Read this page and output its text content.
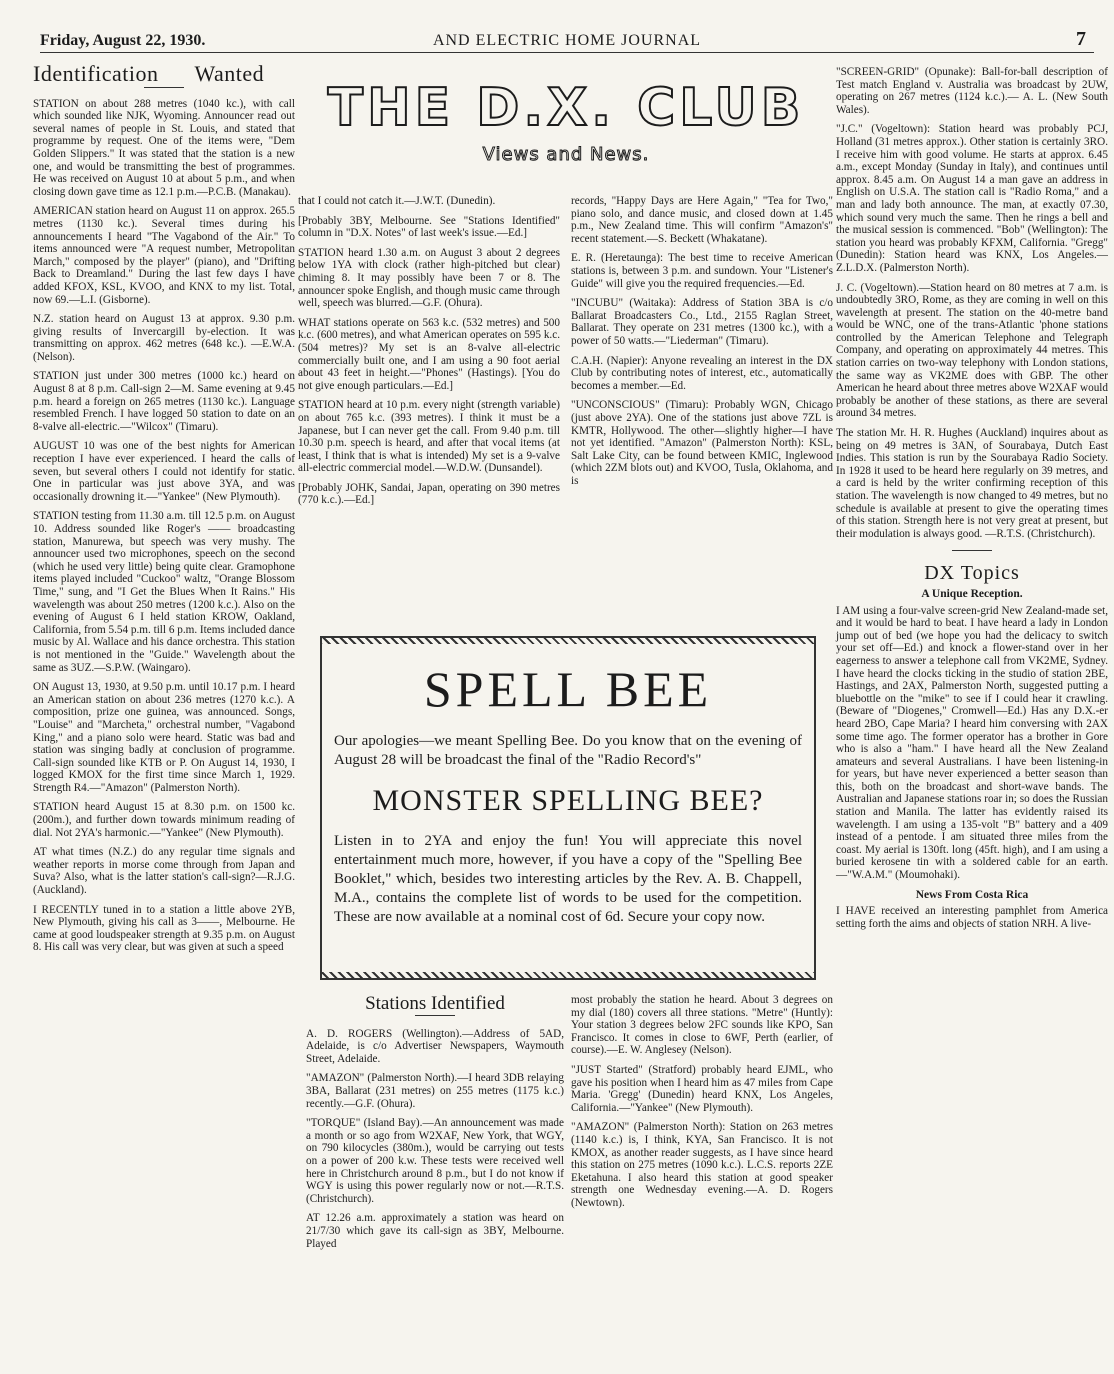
Friday, August 22, 1930.	AND ELECTRIC HOME JOURNAL	7
Identification Wanted

STATION on about 288 metres (1040 kc.), with call which sounded like NJK, Wyoming. Announcer read out several names of people in St. Louis, and stated that programme by request. One of the items were, "Dem Golden Slippers." It was stated that the station is a new one, and would be transmitting the best of programmes. He was received on August 10 at about 5 p.m., and when closing down gave time as 12.1 p.m.—P.C.B. (Manakau).

AMERICAN station heard on August 11 on approx. 265.5 metres (1130 kc.). Several times during his announcements I heard "The Vagabond of the Air." To items announced were "A request number, Metropolitan March," composed by the player" (piano), and "Drifting Back to Dreamland." During the last few days I have added KFOX, KSL, KVOO, and KNX to my list. Total, now 69.—L.I. (Gisborne).

N.Z. station heard on August 13 at approx. 9.30 p.m. giving results of Invercargill by-election. It was transmitting on approx. 462 metres (648 kc.). —E.W.A. (Nelson).

STATION just under 300 metres (1000 kc.) heard on August 8 at 8 p.m. Call-sign 2—M. Same evening at 9.45 p.m. heard a foreign on 265 metres (1130 kc.). Language resembled French. I have logged 50 station to date on an 8-valve all-electric.—"Wilcox" (Timaru).

AUGUST 10 was one of the best nights for American reception I have ever experienced. I heard the calls of seven, but several others I could not identify for static. One in particular was just above 3YA, and was occasionally drowning it.—"Yankee" (New Plymouth).

STATION testing from 11.30 a.m. till 12.5 p.m. on August 10. Address sounded like Roger's —— broadcasting station, Manurewa, but speech was very mushy. The announcer used two microphones, speech on the second (which he used very little) being quite clear. Gramophone items played included "Cuckoo" waltz, "Orange Blossom Time," sung, and "I Get the Blues When It Rains." His wavelength was about 250 metres (1200 k.c.). Also on the evening of August 6 I held station KROW, Oakland, California, from 5.54 p.m. till 6 p.m. Items included dance music by Al. Wallace and his dance orchestra. This station is not mentioned in the "Guide." Wavelength about the same as 3UZ.—S.P.W. (Waingaro).

ON August 13, 1930, at 9.50 p.m. until 10.17 p.m. I heard an American station on about 236 metres (1270 k.c.). A composition, prize one guinea, was announced. Songs, "Louise" and "Marcheta," orchestral number, "Vagabond King," and a piano solo were heard. Static was bad and station was singing badly at conclusion of programme. Call-sign sounded like KTB or P. On August 14, 1930, I logged KMOX for the first time since March 1, 1929. Strength R4.—"Amazon" (Palmerston North).

STATION heard August 15 at 8.30 p.m. on 1500 kc. (200m.), and further down towards minimum reading of dial. Not 2YA's harmonic.—"Yankee" (New Plymouth).

AT what times (N.Z.) do any regular time signals and weather reports in morse come through from Japan and Suva? Also, what is the latter station's call-sign?—R.J.G. (Auckland).

I RECENTLY tuned in to a station a little above 2YB, New Plymouth, giving his call as 3——, Melbourne. He came at good loudspeaker strength at 9.35 p.m. on August 8. His call was very clear, but was given at such a speed

THE D.X. CLUB
Views and News.

that I could not catch it.—J.W.T. (Dunedin).

[Probably 3BY, Melbourne. See "Stations Identified" column in "D.X. Notes" of last week's issue.—Ed.]

STATION heard 1.30 a.m. on August 3 about 2 degrees below 1YA with clock (rather high-pitched but clear) chiming 8. It may possibly have been 7 or 8. The announcer spoke English, and though music came through well, speech was blurred.—G.F. (Ohura).

WHAT stations operate on 563 k.c. (532 metres) and 500 k.c. (600 metres), and what American operates on 595 k.c. (504 metres)? My set is an 8-valve all-electric commercially built one, and I am using a 90 foot aerial about 43 feet in height.—"Phones" (Hastings). [You do not give enough particulars.—Ed.]

STATION heard at 10 p.m. every night (strength variable) on about 765 k.c. (393 metres). I think it must be a Japanese, but I can never get the call. From 9.40 p.m. till 10.30 p.m. speech is heard, and after that vocal items (at least, I think that is what is intended) My set is a 9-valve all-electric commercial model.—W.D.W. (Dunsandel).

[Probably JOHK, Sandai, Japan, operating on 390 metres (770 k.c.).—Ed.]

records, "Happy Days are Here Again," "Tea for Two," piano solo, and dance music, and closed down at 1.45 p.m., New Zealand time. This will confirm "Amazon's" recent statement.—S. Beckett (Whakatane).

E. R. (Heretaunga): The best time to receive American stations is, between 3 p.m. and sundown. Your "Listener's Guide" will give you the required frequencies.—Ed.

"INCUBU" (Waitaka): Address of Station 3BA is c/o Ballarat Broadcasters Co., Ltd., 2155 Raglan Street, Ballarat. They operate on 231 metres (1300 kc.), with a power of 50 watts.—"Liederman" (Timaru).

C.A.H. (Napier): Anyone revealing an interest in the DX Club by contributing notes of interest, etc., automatically becomes a member.—Ed.

"UNCONSCIOUS" (Timaru): Probably WGN, Chicago (just above 2YA). One of the stations just above 7ZL is KMTR, Hollywood. The other—slightly higher—I have not yet identified. "Amazon" (Palmerston North): KSL, Salt Lake City, can be found between KMIC, Inglewood (which 2ZM blots out) and KVOO, Tusla, Oklahoma, and is

SPELL BEE
Our apologies—we meant Spelling Bee. Do you know that on the evening of August 28 will be broadcast the final of the "Radio Record's"
MONSTER SPELLING BEE?
Listen in to 2YA and enjoy the fun! You will appreciate this novel entertainment much more, however, if you have a copy of the "Spelling Bee Booklet," which, besides two interesting articles by the Rev. A. B. Chappell, M.A., contains the complete list of words to be used for the competition. These are now available at a nominal cost of 6d. Secure your copy now.
Stations Identified

A. D. ROGERS (Wellington).—Address of 5AD, Adelaide, is c/o Advertiser Newspapers, Waymouth Street, Adelaide.

"AMAZON" (Palmerston North).—I heard 3DB relaying 3BA, Ballarat (231 metres) on 255 metres (1175 k.c.) recently.—G.F. (Ohura).

"TORQUE" (Island Bay).—An announcement was made a month or so ago from W2XAF, New York, that WGY, on 790 kilocycles (380m.), would be carrying out tests on a power of 200 k.w. These tests were received well here in Christchurch around 8 p.m., but I do not know if WGY is using this power regularly now or not.—R.T.S. (Christchurch).

AT 12.26 a.m. approximately a station was heard on 21/7/30 which gave its call-sign as 3BY, Melbourne. Played

most probably the station he heard. About 3 degrees on my dial (180) covers all three stations. "Metre" (Huntly): Your station 3 degrees below 2FC sounds like KPO, San Francisco. It comes in close to 6WF, Perth (earlier, of course).—E. W. Anglesey (Nelson).

"JUST Started" (Stratford) probably heard EJML, who gave his position when I heard him as 47 miles from Cape Maria. 'Gregg' (Dunedin) heard KNX, Los Angeles, California.—"Yankee" (New Plymouth).

"AMAZON" (Palmerston North): Station on 263 metres (1140 k.c.) is, I think, KYA, San Francisco. It is not KMOX, as another reader suggests, as I have since heard this station on 275 metres (1090 k.c.). L.C.S. reports 2ZE Eketahuna. I also heard this station at good speaker strength one Wednesday evening.—A. D. Rogers (Newtown).

"SCREEN-GRID" (Opunake): Ball-for-ball description of Test match England v. Australia was broadcast by 2UW, operating on 267 metres (1124 k.c.).— A. L. (New South Wales).

"J.C." (Vogeltown): Station heard was probably PCJ, Holland (31 metres approx.). Other station is certainly 3RO. I receive him with good volume. He starts at approx. 6.45 a.m., except Monday (Sunday in Italy), and continues until approx. 8.45 a.m. On August 14 a man gave an address in English on U.S.A. The station call is "Radio Roma," and a man and lady both announce. The man, at exactly 07.30, which sound very much the same. Then he rings a bell and the musical session is commenced. "Bob" (Wellington): The station you heard was probably KFXM, California. "Gregg" (Dunedin): Station heard was KNX, Los Angeles.—Z.L.D.X. (Palmerston North).

J. C. (Vogeltown).—Station heard on 80 metres at 7 a.m. is undoubtedly 3RO, Rome, as they are coming in well on this wavelength at present. The station on the 40-metre band would be WNC, one of the trans-Atlantic 'phone stations controlled by the American Telephone and Telegraph Company, and operating on approximately 44 metres. This station carries on two-way telephony with London stations, the same way as VK2ME does with GBP. The other American he heard about three metres above W2XAF would probably be another of these stations, as there are several around 34 metres.

The station Mr. H. R. Hughes (Auckland) inquires about as being on 49 metres is 3AN, of Sourabaya, Dutch East Indies. This station is run by the Sourabaya Radio Society. In 1928 it used to be heard here regularly on 39 metres, and a card is held by the writer confirming reception of this station. The wavelength is now changed to 49 metres, but no schedule is available at present to give the operating times of this station. Strength here is not very great at present, but their modulation is always good. —R.T.S. (Christchurch).

DX Topics
A Unique Reception.

I AM using a four-valve screen-grid New Zealand-made set, and it would be hard to beat. I have heard a lady in London jump out of bed (we hope you had the delicacy to switch your set off—Ed.) and knock a flower-stand over in her eagerness to answer a telephone call from VK2ME, Sydney. I have heard the clocks ticking in the studio of station 2BE, Hastings, and 2AX, Palmerston North, suggested putting a bluebottle on the "mike" to see if I could hear it crawling. (Beware of "Diogenes," Cromwell—Ed.) Has any D.X.-er heard 2BO, Cape Maria? I heard him conversing with 2AX some time ago. The former operator has a brother in Gore who is also a "ham." I have heard all the New Zealand amateurs and several Australians. I have been listening-in for years, but have never experienced a better season than this, both on the broadcast and short-wave bands. The Australian and Japanese stations roar in; so does the Russian station and Manila. The latter has evidently raised its wavelength. I am using a 135-volt "B" battery and a 409 instead of a pentode. I am situated three miles from the coast. My aerial is 130ft. long (45ft. high), and I am using a buried kerosene tin with a soldered cable for an earth. —"W.A.M." (Moumohaki).

News From Costa Rica

I HAVE received an interesting pamphlet from America setting forth the aims and objects of station NRH. A live-
